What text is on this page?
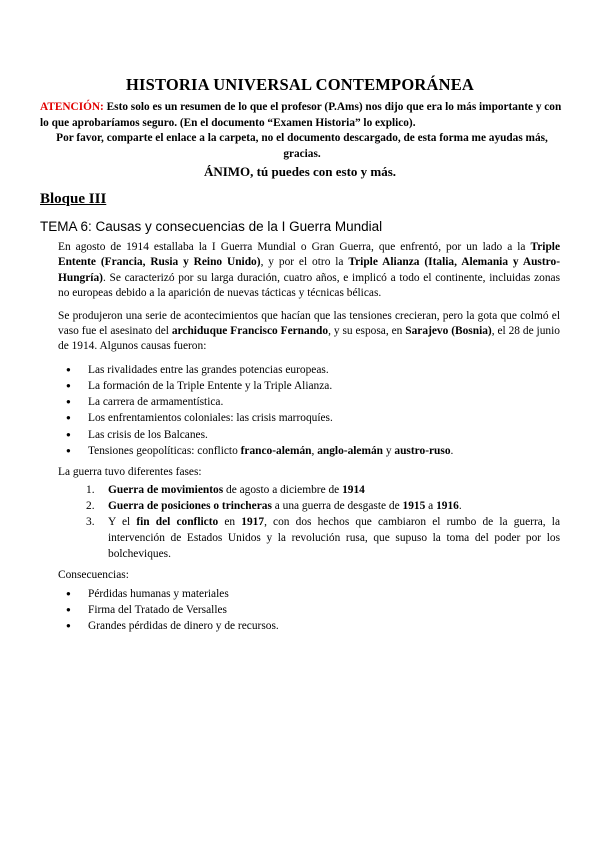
HISTORIA UNIVERSAL CONTEMPORÁNEA

ATENCIÓN: Esto solo es un resumen de lo que el profesor (P.Ams) nos dijo que era lo más importante y con lo que aprobaríamos seguro. (En el documento “Examen Historia” lo explico).

Por favor, comparte el enlace a la carpeta, no el documento descargado, de esta forma me ayudas más, gracias.

ÁNIMO, tú puedes con esto y más.
Bloque III
TEMA 6: Causas y consecuencias de la I Guerra Mundial

En agosto de 1914 estallaba la I Guerra Mundial o Gran Guerra, que enfrentó, por un lado a la Triple Entente (Francia, Rusia y Reino Unido), y por el otro la Triple Alianza (Italia, Alemania y Austro-Hungría). Se caracterizó por su larga duración, cuatro años, e implicó a todo el continente, incluidas zonas no europeas debido a la aparición de nuevas tácticas y técnicas bélicas.

Se produjeron una serie de acontecimientos que hacían que las tensiones crecieran, pero la gota que colmó el vaso fue el asesinato del archiduque Francisco Fernando, y su esposa, en Sarajevo (Bosnia), el 28 de junio de 1914. Algunos causas fueron:

● Las rivalidades entre las grandes potencias europeas.
● La formación de la Triple Entente y la Triple Alianza.
● La carrera de armamentística.
● Los enfrentamientos coloniales: las crisis marroquíes.
● Las crisis de los Balcanes.
● Tensiones geopolíticas: conflicto franco-alemán, anglo-alemán y austro-ruso.

La guerra tuvo diferentes fases:

1. Guerra de movimientos de agosto a diciembre de 1914
2. Guerra de posiciones o trincheras a una guerra de desgaste de 1915 a 1916.
3. Y el fin del conflicto en 1917, con dos hechos que cambiaron el rumbo de la guerra, la intervención de Estados Unidos y la revolución rusa, que supuso la toma del poder por los bolcheviques.

Consecuencias:

● Pérdidas humanas y materiales
● Firma del Tratado de Versalles
● Grandes pérdidas de dinero y de recursos.
